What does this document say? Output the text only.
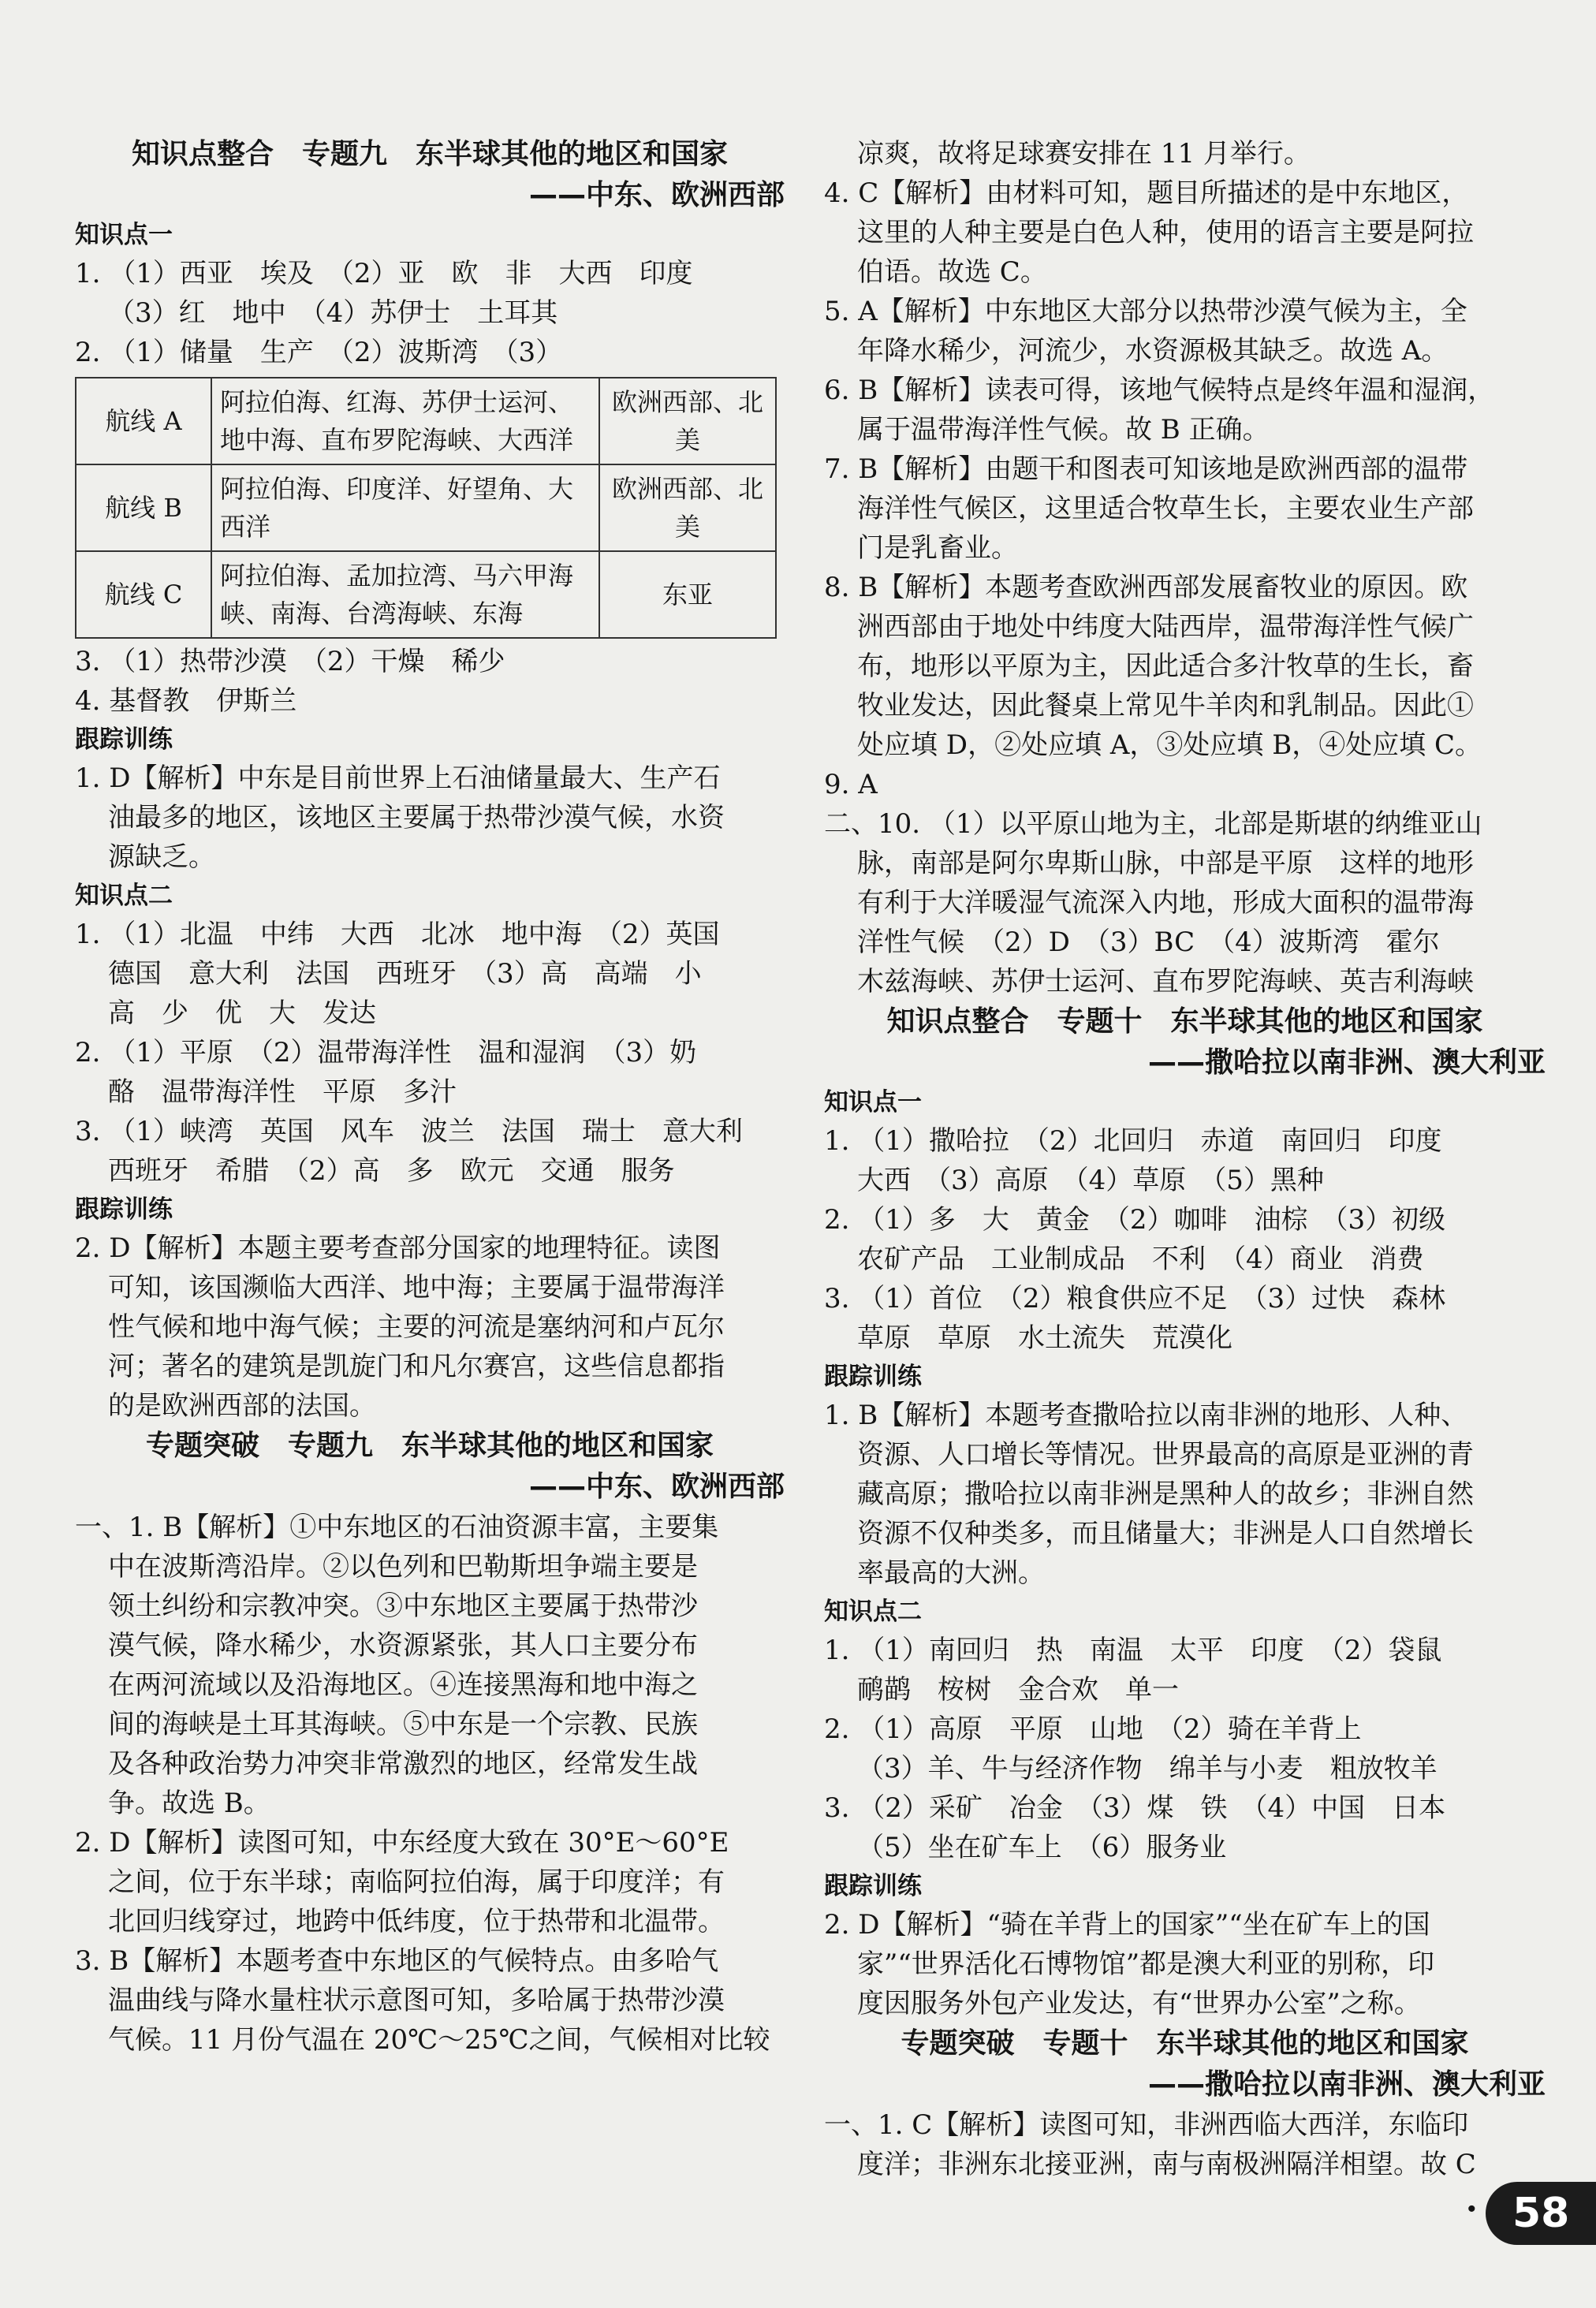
知识点整合　专题九　东半球其他的地区和国家
——中东、欧洲西部
知识点一
1. （1）西亚　埃及　（2）亚　欧　非　大西　印度
（3）红　地中　（4）苏伊士　土耳其
2. （1）储量　生产　（2）波斯湾　（3）
航线 A	阿拉伯海、红海、苏伊士运河、地中海、直布罗陀海峡、大西洋	欧洲西部、北美
航线 B	阿拉伯海、印度洋、好望角、大西洋	欧洲西部、北美
航线 C	阿拉伯海、孟加拉湾、马六甲海峡、南海、台湾海峡、东海	东亚
3. （1）热带沙漠　（2）干燥　稀少
4. 基督教　伊斯兰
跟踪训练
1. D【解析】中东是目前世界上石油储量最大、生产石
油最多的地区，该地区主要属于热带沙漠气候，水资
源缺乏。
知识点二
1. （1）北温　中纬　大西　北冰　地中海　（2）英国
德国　意大利　法国　西班牙　（3）高　高端　小
高　少　优　大　发达
2. （1）平原　（2）温带海洋性　温和湿润　（3）奶
酪　温带海洋性　平原　多汁
3. （1）峡湾　英国　风车　波兰　法国　瑞士　意大利
西班牙　希腊　（2）高　多　欧元　交通　服务
跟踪训练
2. D【解析】本题主要考查部分国家的地理特征。读图
可知，该国濒临大西洋、地中海；主要属于温带海洋
性气候和地中海气候；主要的河流是塞纳河和卢瓦尔
河；著名的建筑是凯旋门和凡尔赛宫，这些信息都指
的是欧洲西部的法国。
专题突破　专题九　东半球其他的地区和国家
——中东、欧洲西部
一、1. B【解析】①中东地区的石油资源丰富，主要集
中在波斯湾沿岸。②以色列和巴勒斯坦争端主要是
领土纠纷和宗教冲突。③中东地区主要属于热带沙
漠气候，降水稀少，水资源紧张，其人口主要分布
在两河流域以及沿海地区。④连接黑海和地中海之
间的海峡是土耳其海峡。⑤中东是一个宗教、民族
及各种政治势力冲突非常激烈的地区，经常发生战
争。故选 B。
2. D【解析】读图可知，中东经度大致在 30°E～60°E
之间，位于东半球；南临阿拉伯海，属于印度洋；有
北回归线穿过，地跨中低纬度，位于热带和北温带。
3. B【解析】本题考查中东地区的气候特点。由多哈气
温曲线与降水量柱状示意图可知，多哈属于热带沙漠
气候。11 月份气温在 20℃～25℃之间，气候相对比较
凉爽，故将足球赛安排在 11 月举行。
4. C【解析】由材料可知，题目所描述的是中东地区，
这里的人种主要是白色人种，使用的语言主要是阿拉
伯语。故选 C。
5. A【解析】中东地区大部分以热带沙漠气候为主，全
年降水稀少，河流少，水资源极其缺乏。故选 A。
6. B【解析】读表可得，该地气候特点是终年温和湿润，
属于温带海洋性气候。故 B 正确。
7. B【解析】由题干和图表可知该地是欧洲西部的温带
海洋性气候区，这里适合牧草生长，主要农业生产部
门是乳畜业。
8. B【解析】本题考查欧洲西部发展畜牧业的原因。欧
洲西部由于地处中纬度大陆西岸，温带海洋性气候广
布，地形以平原为主，因此适合多汁牧草的生长，畜
牧业发达，因此餐桌上常见牛羊肉和乳制品。因此①
处应填 D，②处应填 A，③处应填 B，④处应填 C。
9. A
二、10. （1）以平原山地为主，北部是斯堪的纳维亚山
脉，南部是阿尔卑斯山脉，中部是平原　这样的地形
有利于大洋暖湿气流深入内地，形成大面积的温带海
洋性气候　（2）D　（3）BC　（4）波斯湾　霍尔
木兹海峡、苏伊士运河、直布罗陀海峡、英吉利海峡
知识点整合　专题十　东半球其他的地区和国家
——撒哈拉以南非洲、澳大利亚
知识点一
1. （1）撒哈拉　（2）北回归　赤道　南回归　印度
大西　（3）高原　（4）草原　（5）黑种
2. （1）多　大　黄金　（2）咖啡　油棕　（3）初级
农矿产品　工业制成品　不利　（4）商业　消费
3. （1）首位　（2）粮食供应不足　（3）过快　森林
草原　草原　水土流失　荒漠化
跟踪训练
1. B【解析】本题考查撒哈拉以南非洲的地形、人种、
资源、人口增长等情况。世界最高的高原是亚洲的青
藏高原；撒哈拉以南非洲是黑种人的故乡；非洲自然
资源不仅种类多，而且储量大；非洲是人口自然增长
率最高的大洲。
知识点二
1. （1）南回归　热　南温　太平　印度　（2）袋鼠
鸸鹋　桉树　金合欢　单一
2. （1）高原　平原　山地　（2）骑在羊背上
（3）羊、牛与经济作物　绵羊与小麦　粗放牧羊
3. （2）采矿　冶金　（3）煤　铁　（4）中国　日本
（5）坐在矿车上　（6）服务业
跟踪训练
2. D【解析】“骑在羊背上的国家”“坐在矿车上的国
家”“世界活化石博物馆”都是澳大利亚的别称，印
度因服务外包产业发达，有“世界办公室”之称。
专题突破　专题十　东半球其他的地区和国家
——撒哈拉以南非洲、澳大利亚
一、1. C【解析】读图可知，非洲西临大西洋，东临印
度洋；非洲东北接亚洲，南与南极洲隔洋相望。故 C
· 58
